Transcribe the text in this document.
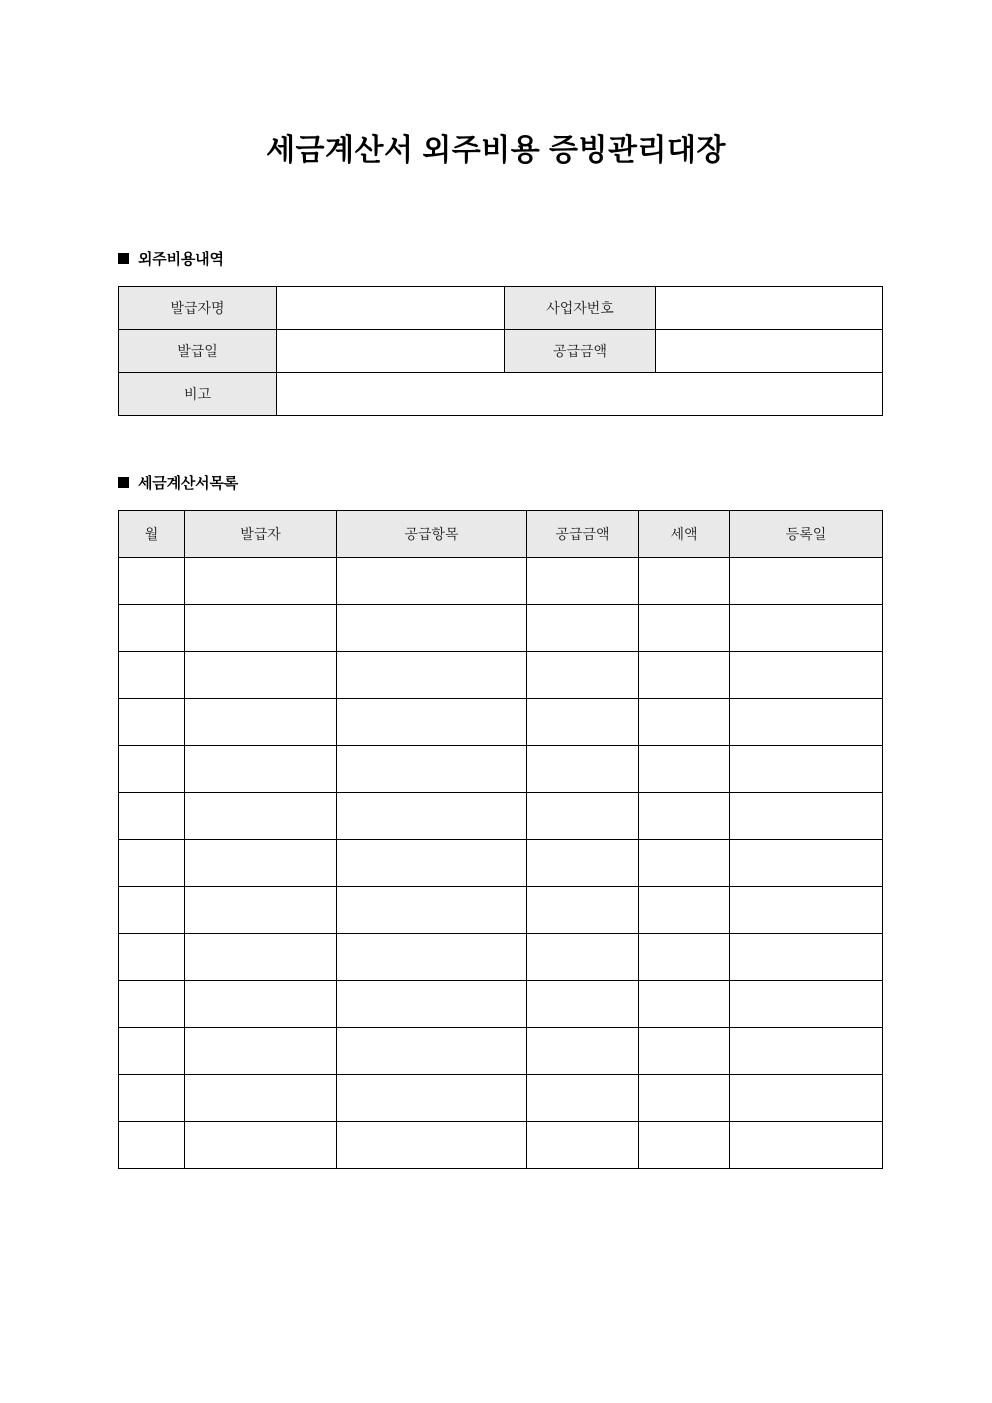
세금계산서 외주비용 증빙관리대장
외주비용내역
발급자명		사업자번호	
발급일		공급금액	
비고			
세금계산서목록
월	발급자	공급항목	공급금액	세액	등록일
